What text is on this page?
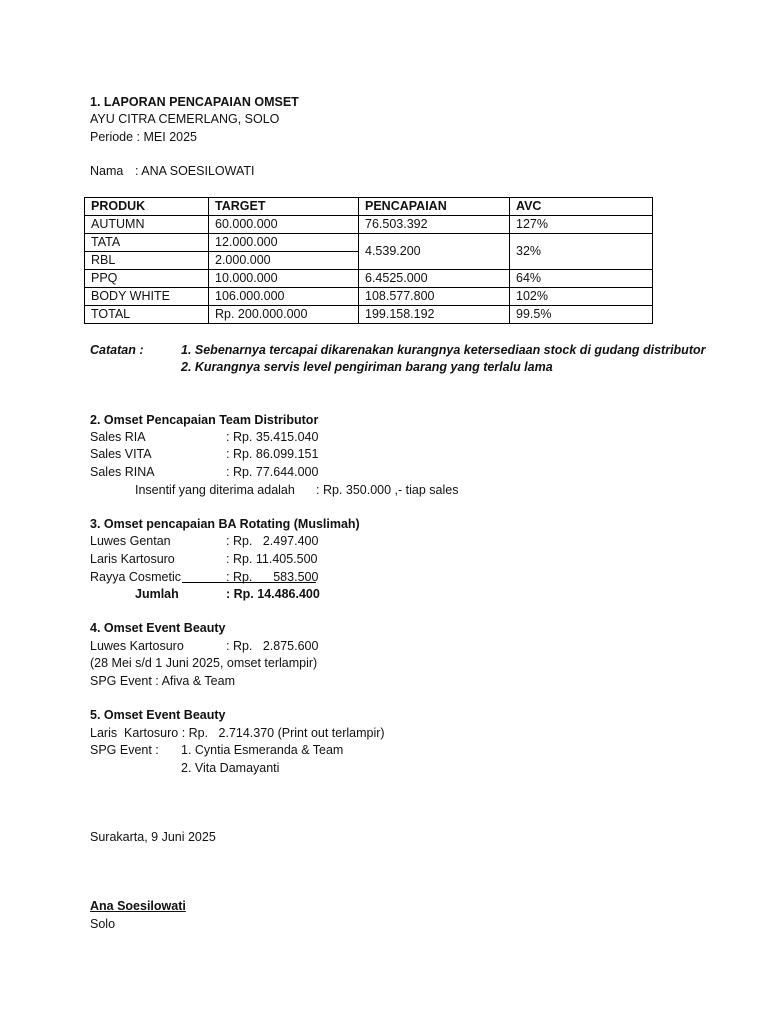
1. LAPORAN PENCAPAIAN OMSET
AYU CITRA CEMERLANG, SOLO
Periode : MEI 2025
Nama : ANA SOESILOWATI
PRODUK	TARGET	PENCAPAIAN	AVC
AUTUMN	60.000.000	76.503.392	127%
TATA	12.000.000	4.539.200	32%
RBL	2.000.000		
PPQ	10.000.000	6.4525.000	64%
BODY WHITE	106.000.000	108.577.800	102%
TOTAL	Rp. 200.000.000	199.158.192	99.5%
Catatan :	1. Sebenarnya tercapai dikarenakan kurangnya ketersediaan stock di gudang distributor
2. Kurangnya servis level pengiriman barang yang terlalu lama
2. Omset Pencapaian Team Distributor
Sales RIA	: Rp. 35.415.040
Sales VITA	: Rp. 86.099.151
Sales RINA	: Rp. 77.644.000
Insentif yang diterima adalah : Rp. 350.000 ,- tiap sales
3. Omset pencapaian BA Rotating (Muslimah)
Luwes Gentan	: Rp.   2.497.400
Laris Kartosuro	: Rp. 11.405.500
Rayya Cosmetic	: Rp.      583.500
Jumlah	: Rp. 14.486.400
4. Omset Event Beauty
Luwes Kartosuro	: Rp.   2.875.600
(28 Mei s/d 1 Juni 2025, omset terlampir)
SPG Event : Afiva & Team
5. Omset Event Beauty
Laris  Kartosuro : Rp.   2.714.370 (Print out terlampir)
SPG Event : 1. Cyntia Esmeranda & Team
2. Vita Damayanti
Surakarta, 9 Juni 2025
Ana Soesilowati
Solo
